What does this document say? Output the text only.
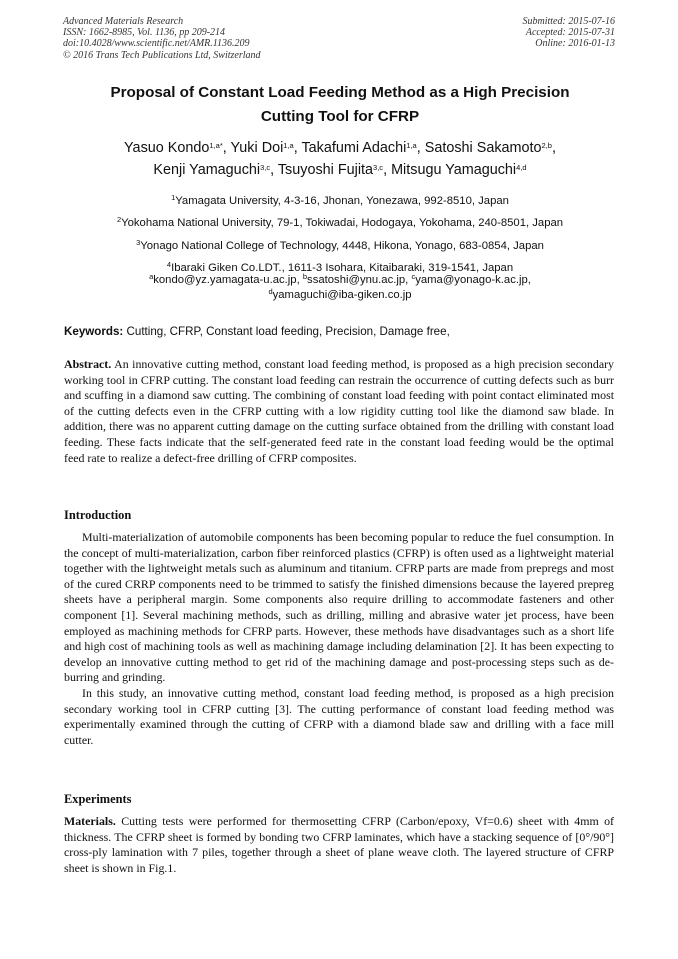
Advanced Materials Research
ISSN: 1662-8985, Vol. 1136, pp 209-214
doi:10.4028/www.scientific.net/AMR.1136.209
© 2016 Trans Tech Publications Ltd, Switzerland
Submitted: 2015-07-16
Accepted: 2015-07-31
Online: 2016-01-13
Proposal of Constant Load Feeding Method as a High Precision
Cutting Tool for CFRP
Yasuo Kondo$^{1,a*}$, Yuki Doi$^{1,a}$, Takafumi Adachi$^{1,a}$, Satoshi Sakamoto$^{2,b}$,
Kenji Yamaguchi$^{3,c}$, Tsuyoshi Fujita$^{3,c}$, Mitsugu Yamaguchi$^{4,d}$
$^1$Yamagata University, 4-3-16, Jhonan, Yonezawa, 992-8510, Japan
$^2$Yokohama National University, 79-1, Tokiwadai, Hodogaya, Yokohama, 240-8501, Japan
$^3$Yonago National College of Technology, 4448, Hikona, Yonago, 683-0854, Japan
$^4$Ibaraki Giken Co.LDT., 1611-3 Isohara, Kitaibaraki, 319-1541, Japan
$^a$kondo@yz.yamagata-u.ac.jp, $^b$ssatoshi@ynu.ac.jp, $^c$yama@yonago-k.ac.jp,
$^d$yamaguchi@iba-giken.co.jp
Keywords: Cutting, CFRP, Constant load feeding, Precision, Damage free,

Abstract. An innovative cutting method, constant load feeding method, is proposed as a high precision secondary working tool in CFRP cutting. The constant load feeding can restrain the occurrence of cutting defects such as burr and scuffing in a diamond saw cutting. The combining of constant load feeding with point contact eliminated most of the cutting defects even in the CFRP cutting with a low rigidity cutting tool like the diamond saw blade. In addition, there was no apparent cutting damage on the cutting surface obtained from the drilling with constant load feeding. These facts indicate that the self-generated feed rate in the constant load feeding would be the optimal feed rate to realize a defect-free drilling of CFRP composites.

Introduction

Multi-materialization of automobile components has been becoming popular to reduce the fuel consumption. In the concept of multi-materialization, carbon fiber reinforced plastics (CFRP) is often used as a lightweight material together with the lightweight metals such as aluminum and titanium. CFRP parts are made from prepregs and most of the cured CRRP components need to be trimmed to satisfy the finished dimensions because the layered prepreg sheets have a peripheral margin. Some components also require drilling to accommodate fasteners and other component [1]. Several machining methods, such as drilling, milling and abrasive water jet process, have been employed as machining methods for CFRP parts. However, these methods have disadvantages such as a short life and high cost of machining tools as well as machining damage including delamination [2]. It has been expecting to develop an innovative cutting method to get rid of the machining damage and post-processing steps such as de-burring and grinding.

In this study, an innovative cutting method, constant load feeding method, is proposed as a high precision secondary working tool in CFRP cutting [3]. The cutting performance of constant load feeding method was experimentally examined through the cutting of CFRP with a diamond blade saw and drilling with a face mill cutter.

Experiments

Materials. Cutting tests were performed for thermosetting CFRP (Carbon/epoxy, Vf=0.6) sheet with 4mm of thickness. The CFRP sheet is formed by bonding two CFRP laminates, which have a stacking sequence of [0°/90°] cross-ply lamination with 7 piles, together through a sheet of plane weave cloth. The layered structure of CFRP sheet is shown in Fig.1.
